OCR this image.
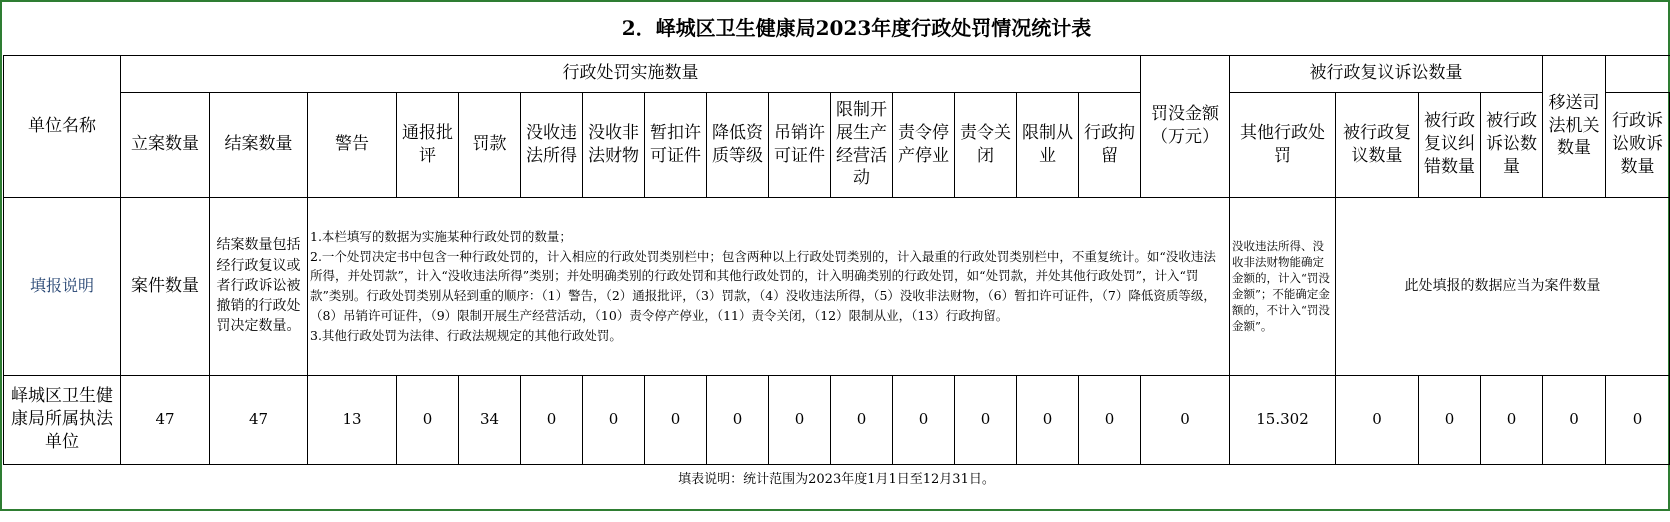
2．峄城区卫生健康局2023年度行政处罚情况统计表																						
单位名称	行政处罚实施数量															罚没金额（万元）	被行政复议诉讼数量				移送司法机关数量	
	立案数量	结案数量	警告	通报批评	罚款	没收违法所得	没收非法财物	暂扣许可证件	降低资质等级	吊销许可证件	限制开展生产经营活动	责令停产停业	责令关闭	限制从业	行政拘留		其他行政处罚	被行政复议数量	被行政复议纠错数量	被行政诉讼数量		行政诉讼败诉数量
填报说明	案件数量	结案数量包括经行政复议或者行政诉讼被撤销的行政处罚决定数量。	1.本栏填写的数据为实施某种行政处罚的数量；
2.一个处罚决定书中包含一种行政处罚的，计入相应的行政处罚类别栏中；包含两种以上行政处罚类别的，计入最重的行政处罚类别栏中，不重复统计。如“没收违法所得，并处罚款”，计入“没收违法所得”类别；并处明确类别的行政处罚和其他行政处罚的，计入明确类别的行政处罚，如“处罚款，并处其他行政处罚”，计入“罚款”类别。行政处罚类别从轻到重的顺序：（1）警告，（2）通报批评，（3）罚款，（4）没收违法所得，（5）没收非法财物，（6）暂扣许可证件，（7）降低资质等级，（8）吊销许可证件，（9）限制开展生产经营活动，（10）责令停产停业，（11）责令关闭，（12）限制从业，（13）行政拘留。
3.其他行政处罚为法律、行政法规规定的其他行政处罚。														没收违法所得、没收非法财物能确定金额的，计入“罚没金额”；不能确定金额的，不计入“罚没金额”。	此处填报的数据应当为案件数量				
峄城区卫生健康局所属执法单位	47	47	13	0	34	0	0	0	0	0	0	0	0	0	0	0	15.302	0	0	0	0	0
填表说明：统计范围为2023年度1月1日至12月31日。																						
